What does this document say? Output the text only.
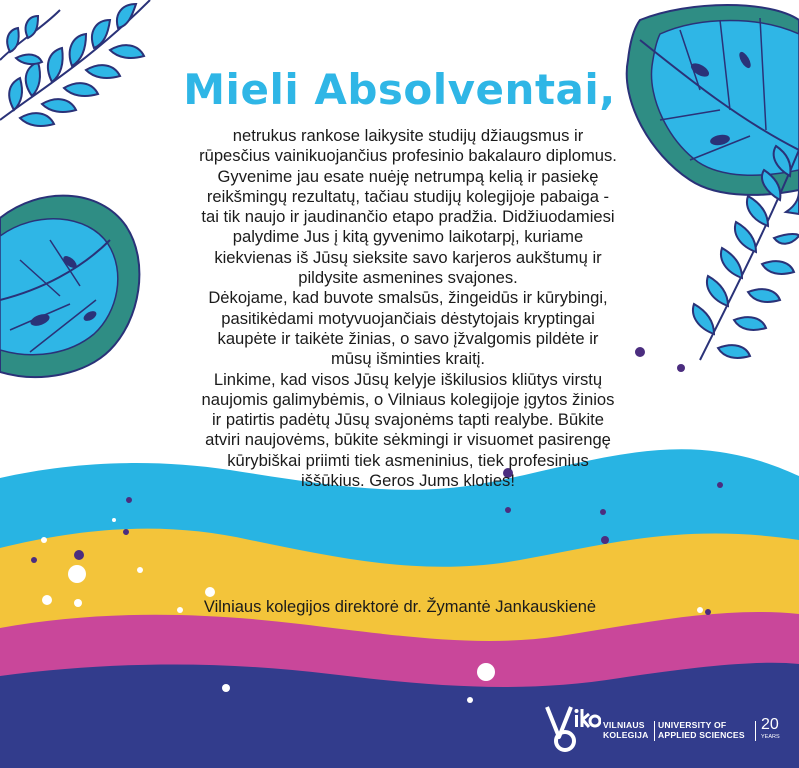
Mieli Absolventai,

netrukus rankose laikysite studijų džiaugsmus ir
rūpesčius vainikuojančius profesinio bakalauro diplomus.
Gyvenime jau esate nuėję netrumpą kelią ir pasiekę
reikšmingų rezultatų, tačiau studijų kolegijoje pabaiga -
tai tik naujo ir jaudinančio etapo pradžia. Didžiuodamiesi
palydime Jus į kitą gyvenimo laikotarpį, kuriame
kiekvienas iš Jūsų sieksite savo karjeros aukštumų ir
pildysite asmenines svajones.
Dėkojame, kad buvote smalsūs, žingeidūs ir kūrybingi,
pasitikėdami motyvuojančiais dėstytojais kryptingai
kaupėte ir taikėte žinias, o savo įžvalgomis pildėte ir
mūsų išminties kraitį.
Linkime, kad visos Jūsų kelyje iškilusios kliūtys virstų
naujomis galimybėmis, o Vilniaus kolegijoje įgytos žinios
ir patirtis padėtų Jūsų svajonėms tapti realybe. Būkite
atviri naujovėms, būkite sėkmingi ir visuomet pasirengę
kūrybiškai priimti tiek asmeninius, tiek profesinius
iššūkius. Geros Jums kloties!

Vilniaus kolegijos direktorė dr. Žymantė Jankauskienė
VILNIAUS
KOLEGIJA
UNIVERSITY OF
APPLIED SCIENCES
20
YEARS
